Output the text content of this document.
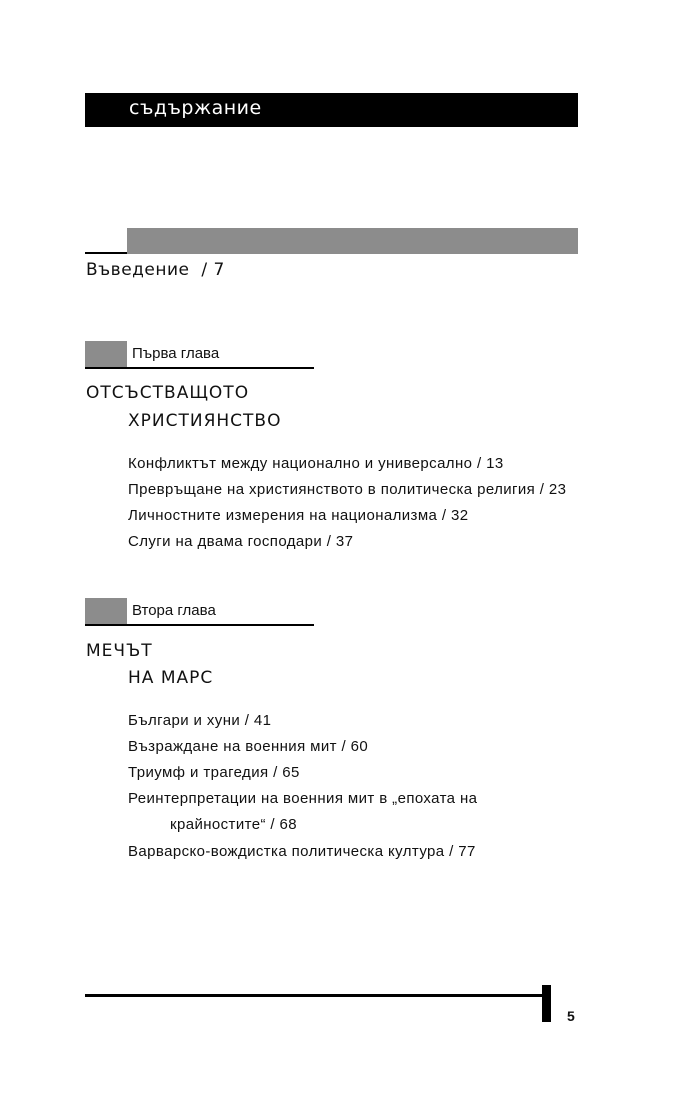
съдържание
Въведение / 7
Първа глава
ОТСЪСТВАЩОТО
ХРИСТИЯНСТВО
Конфликтът между национално и универсално / 13
Превръщане на християнството в политическа религия / 23
Личностните измерения на национализма / 32
Слуги на двама господари / 37
Втора глава
МЕЧЪТ
НА МАРС
Българи и хуни / 41
Възраждане на военния мит / 60
Триумф и трагедия / 65
Реинтерпретации на военния мит в „епохата на
крайностите“ / 68
Варварско-вождистка политическа култура / 77
5
